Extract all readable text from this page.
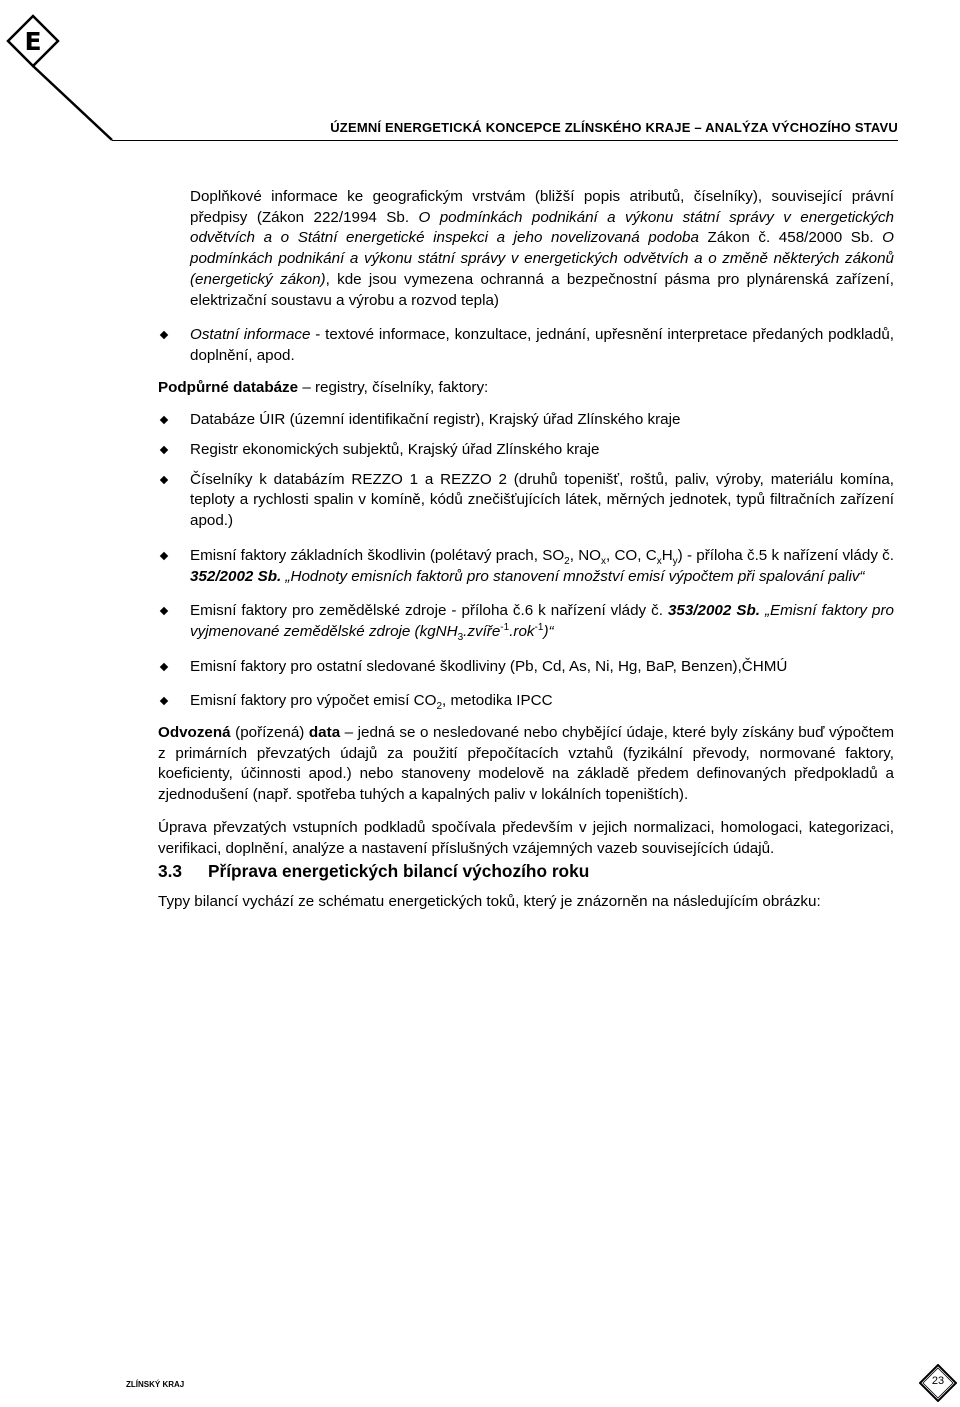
E
ÚZEMNÍ ENERGETICKÁ KONCEPCE ZLÍNSKÉHO KRAJE – ANALÝZA VÝCHOZÍHO STAVU

Doplňkové informace ke geografickým vrstvám (bližší popis atributů, číselníky), související právní předpisy (Zákon 222/1994 Sb. O podmínkách podnikání a výkonu státní správy v energetických odvětvích a o Státní energetické inspekci a jeho novelizovaná podoba Zákon č. 458/2000 Sb. O podmínkách podnikání a výkonu státní správy v energetických odvětvích a o změně některých zákonů (energetický zákon), kde jsou vymezena ochranná a bezpečnostní pásma pro plynárenská zařízení, elektrizační soustavu a výrobu a rozvod tepla)

Ostatní informace - textové informace, konzultace, jednání, upřesnění interpretace předaných podkladů, doplnění, apod.

Podpůrné databáze – registry, číselníky, faktory:

Databáze ÚIR (územní identifikační registr), Krajský úřad Zlínského kraje

Registr ekonomických subjektů, Krajský úřad Zlínského kraje

Číselníky k databázím REZZO 1 a REZZO 2 (druhů topenišť, roštů, paliv, výroby, materiálu komína, teploty a rychlosti spalin v komíně, kódů znečišťujících látek, měrných jednotek, typů filtračních zařízení apod.)

Emisní faktory základních škodlivin (polétavý prach, $SO_2$, $NO_x$, CO, $C_xH_y$) - příloha č.5 k nařízení vlády č. 352/2002 Sb. „Hodnoty emisních faktorů pro stanovení množství emisí výpočtem při spalování paliv“

Emisní faktory pro zemědělské zdroje - příloha č.6 k nařízení vlády č. 353/2002 Sb. „Emisní faktory pro vyjmenované zemědělské zdroje (kgNH$_3$.zvíře$^{-1}$.rok$^{-1}$)“

Emisní faktory pro ostatní sledované škodliviny (Pb, Cd, As, Ni, Hg, BaP, Benzen),ČHMÚ

Emisní faktory pro výpočet emisí $CO_2$, metodika IPCC

Odvozená (pořízená) data – jedná se o nesledované nebo chybějící údaje, které byly získány buď výpočtem z primárních převzatých údajů za použití přepočítacích vztahů (fyzikální převody, normované faktory, koeficienty, účinnosti apod.) nebo stanoveny modelově na základě předem definovaných předpokladů a zjednodušení (např. spotřeba tuhých a kapalných paliv v lokálních topeništích).

Úprava převzatých vstupních podkladů spočívala především v jejich normalizaci, homologaci, kategorizaci, verifikaci, doplnění, analýze a nastavení příslušných vzájemných vazeb souvisejících údajů.

3.3 Příprava energetických bilancí výchozího roku

Typy bilancí vychází ze schématu energetických toků, který je znázorněn na následujícím obrázku:

ZLÍNSKÝ KRAJ	23
